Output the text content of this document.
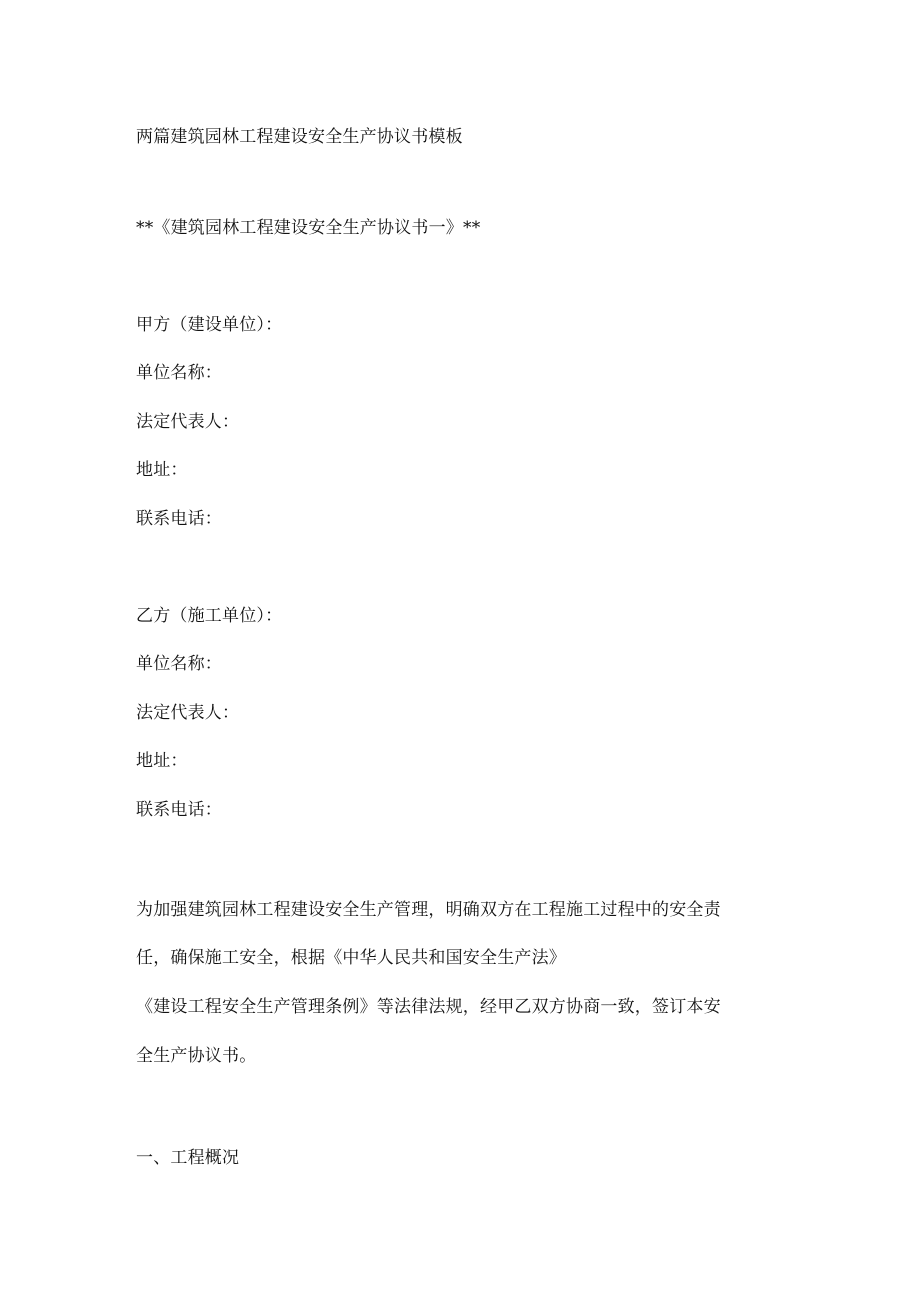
两篇建筑园林工程建设安全生产协议书模板
**《建筑园林工程建设安全生产协议书一》**
甲方（建设单位）：
单位名称：
法定代表人：
地址：
联系电话：
乙方（施工单位）：
单位名称：
法定代表人：
地址：
联系电话：
为加强建筑园林工程建设安全生产管理，明确双方在工程施工过程中的安全责
任，确保施工安全，根据《中华人民共和国安全生产法》
《建设工程安全生产管理条例》等法律法规，经甲乙双方协商一致，签订本安
全生产协议书。
一、工程概况
